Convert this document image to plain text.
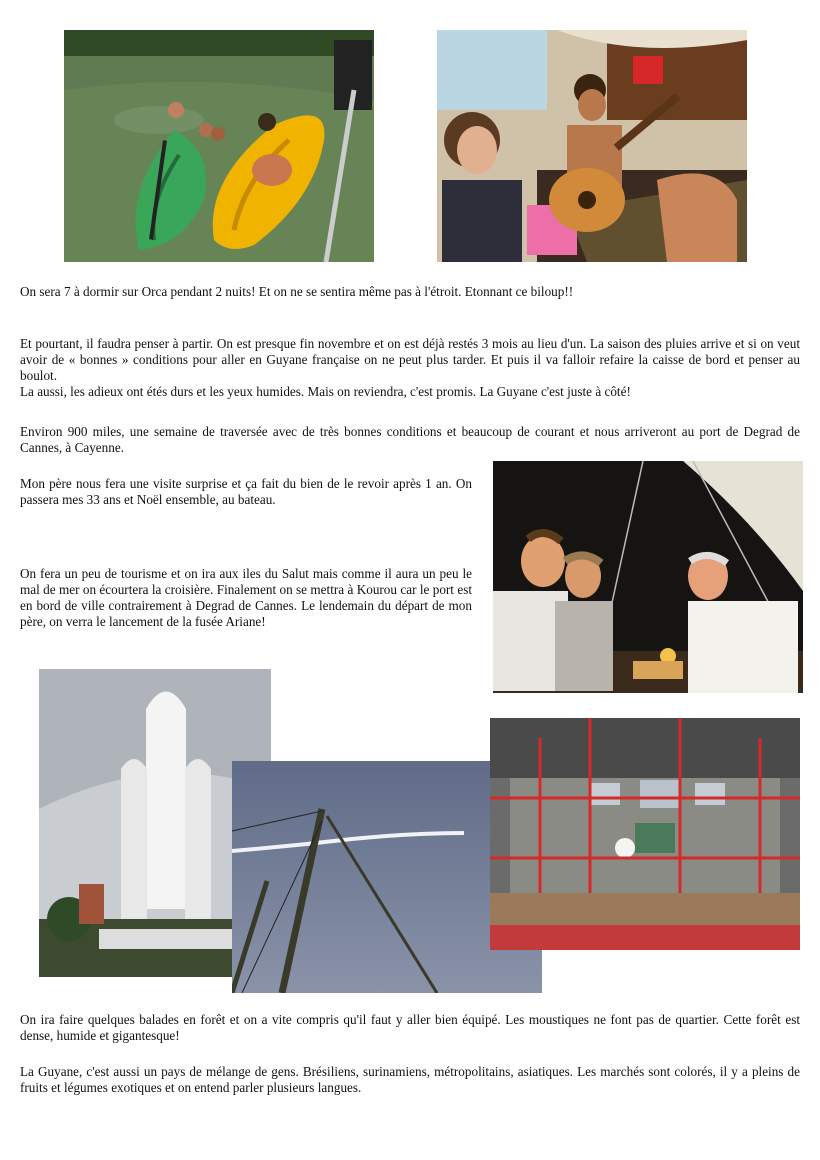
On sera 7 à dormir sur Orca pendant 2 nuits! Et on ne se sentira même pas à l'étroit. Etonnant ce biloup!!

Et pourtant, il faudra penser à partir. On est presque fin novembre et on est déjà restés 3 mois au lieu d'un. La saison des pluies arrive et si on veut avoir de « bonnes » conditions pour aller en Guyane française on ne peut plus tarder. Et puis il va falloir refaire la caisse de bord et penser au boulot.
La aussi, les adieux ont étés durs et les yeux humides. Mais on reviendra, c'est promis. La Guyane c'est juste à côté!

Environ 900 miles, une semaine de traversée avec de très bonnes conditions et beaucoup de courant et nous arriveront au port de Degrad de Cannes, à Cayenne.

Mon père nous fera une visite surprise et ça fait du bien de le revoir après 1 an. On passera mes 33 ans et Noël ensemble, au bateau.

On fera un peu de tourisme et on ira aux iles du Salut mais comme il aura un peu le mal de mer on écourtera la croisière. Finalement on se mettra à Kourou car le port est en bord de ville contrairement à Degrad de Cannes. Le lendemain du départ de mon père, on verra le lancement de la fusée Ariane!

On ira faire quelques balades en forêt et on a vite compris qu'il faut y aller bien équipé. Les moustiques ne font pas de quartier. Cette forêt est dense, humide et gigantesque!

La Guyane, c'est aussi un pays de mélange de gens. Brésiliens, surinamiens, métropolitains, asiatiques. Les marchés sont colorés, il y a pleins de fruits et légumes exotiques et on entend parler plusieurs langues.
